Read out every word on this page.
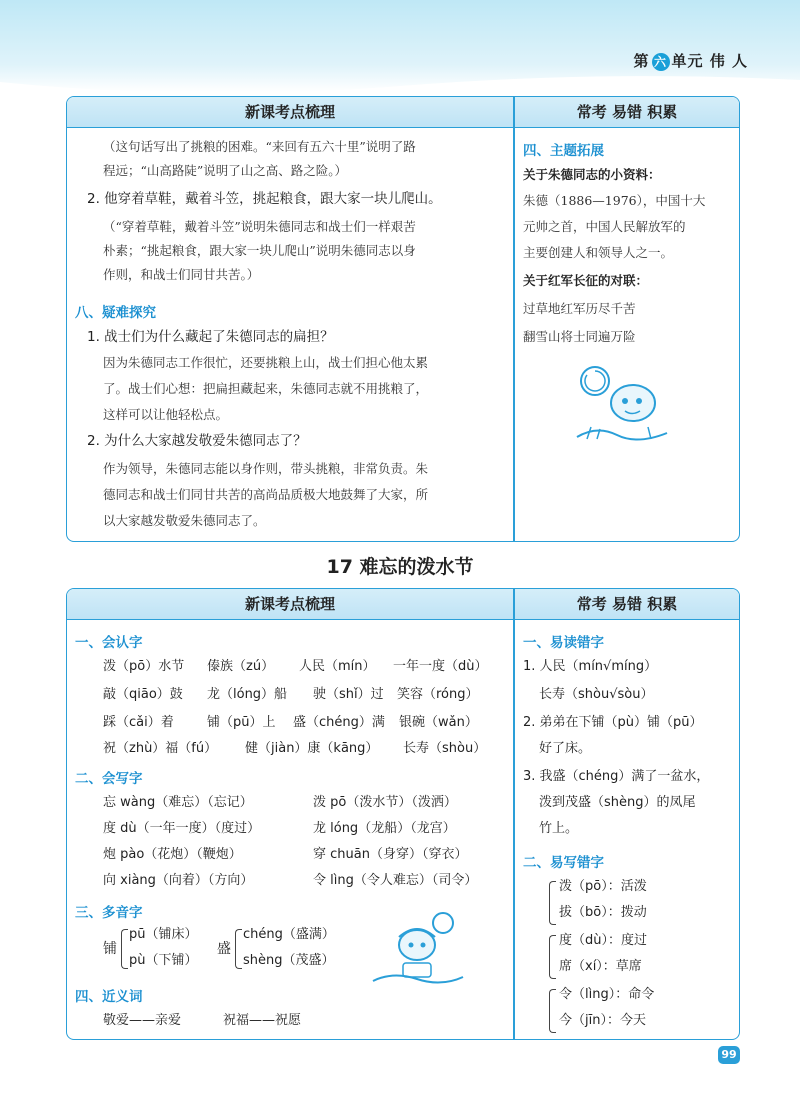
第 六 单元 伟 人
新课考点梳理	常考 易错 积累
（这句话写出了挑粮的困难。“来回有五六十里”说明了路
程远；“山高路陡”说明了山之高、路之险。）
2. 他穿着草鞋，戴着斗笠，挑起粮食，跟大家一块儿爬山。
（“穿着草鞋，戴着斗笠”说明朱德同志和战士们一样艰苦
朴素；“挑起粮食，跟大家一块儿爬山”说明朱德同志以身
作则，和战士们同甘共苦。）
八、疑难探究
1. 战士们为什么藏起了朱德同志的扁担？
因为朱德同志工作很忙，还要挑粮上山，战士们担心他太累
了。战士们心想：把扁担藏起来，朱德同志就不用挑粮了，
这样可以让他轻松点。
2. 为什么大家越发敬爱朱德同志了？
作为领导，朱德同志能以身作则，带头挑粮，非常负责。朱
德同志和战士们同甘共苦的高尚品质极大地鼓舞了大家，所
以大家越发敬爱朱德同志了。
四、主题拓展
关于朱德同志的小资料：
朱德（1886—1976），中国十大
元帅之首，中国人民解放军的
主要创建人和领导人之一。
关于红军长征的对联：
过草地红军历尽千苦
翻雪山将士同遍万险
17 难忘的泼水节
新课考点梳理	常考 易错 积累
一、会认字
泼（pō）水节 傣族（zú） 人民（mín） 一年一度（dù）
敲（qiāo）鼓 龙（lóng）船 驶（shǐ）过 笑容（róng）
踩（cǎi）着	铺（pū）上 盛（chéng）满 银碗（wǎn）
祝（zhù）福（fú） 健（jiàn）康（kāng） 长寿（shòu）
二、会写字
忘 wàng（难忘）（忘记）	泼 pō（泼水节）（泼洒）
度 dù（一年一度）（度过）	龙 lóng（龙船）（龙宫）
炮 pào（花炮）（鞭炮）	穿 chuān（身穿）（穿衣）
向 xiàng（向着）（方向）	令 lìng（令人难忘）（司令）
三、多音字
铺
pū（铺床）
pù（下铺）
盛
chéng（盛满）
shèng（茂盛）
四、近义词
敬爱——亲爱	祝福——祝愿
一、易读错字
1. 人民（mín√míng）
长寿（shòu√sòu）
2. 弟弟在下铺（pù）铺（pū）
好了床。
3. 我盛（chéng）满了一盆水，
泼到茂盛（shèng）的凤尾
竹上。
二、易写错字
泼（pō）：活泼
拔（bō）：拨动
度（dù）：度过
席（xí）：草席
令（lìng）：命令
今（jīn）：今天
99
